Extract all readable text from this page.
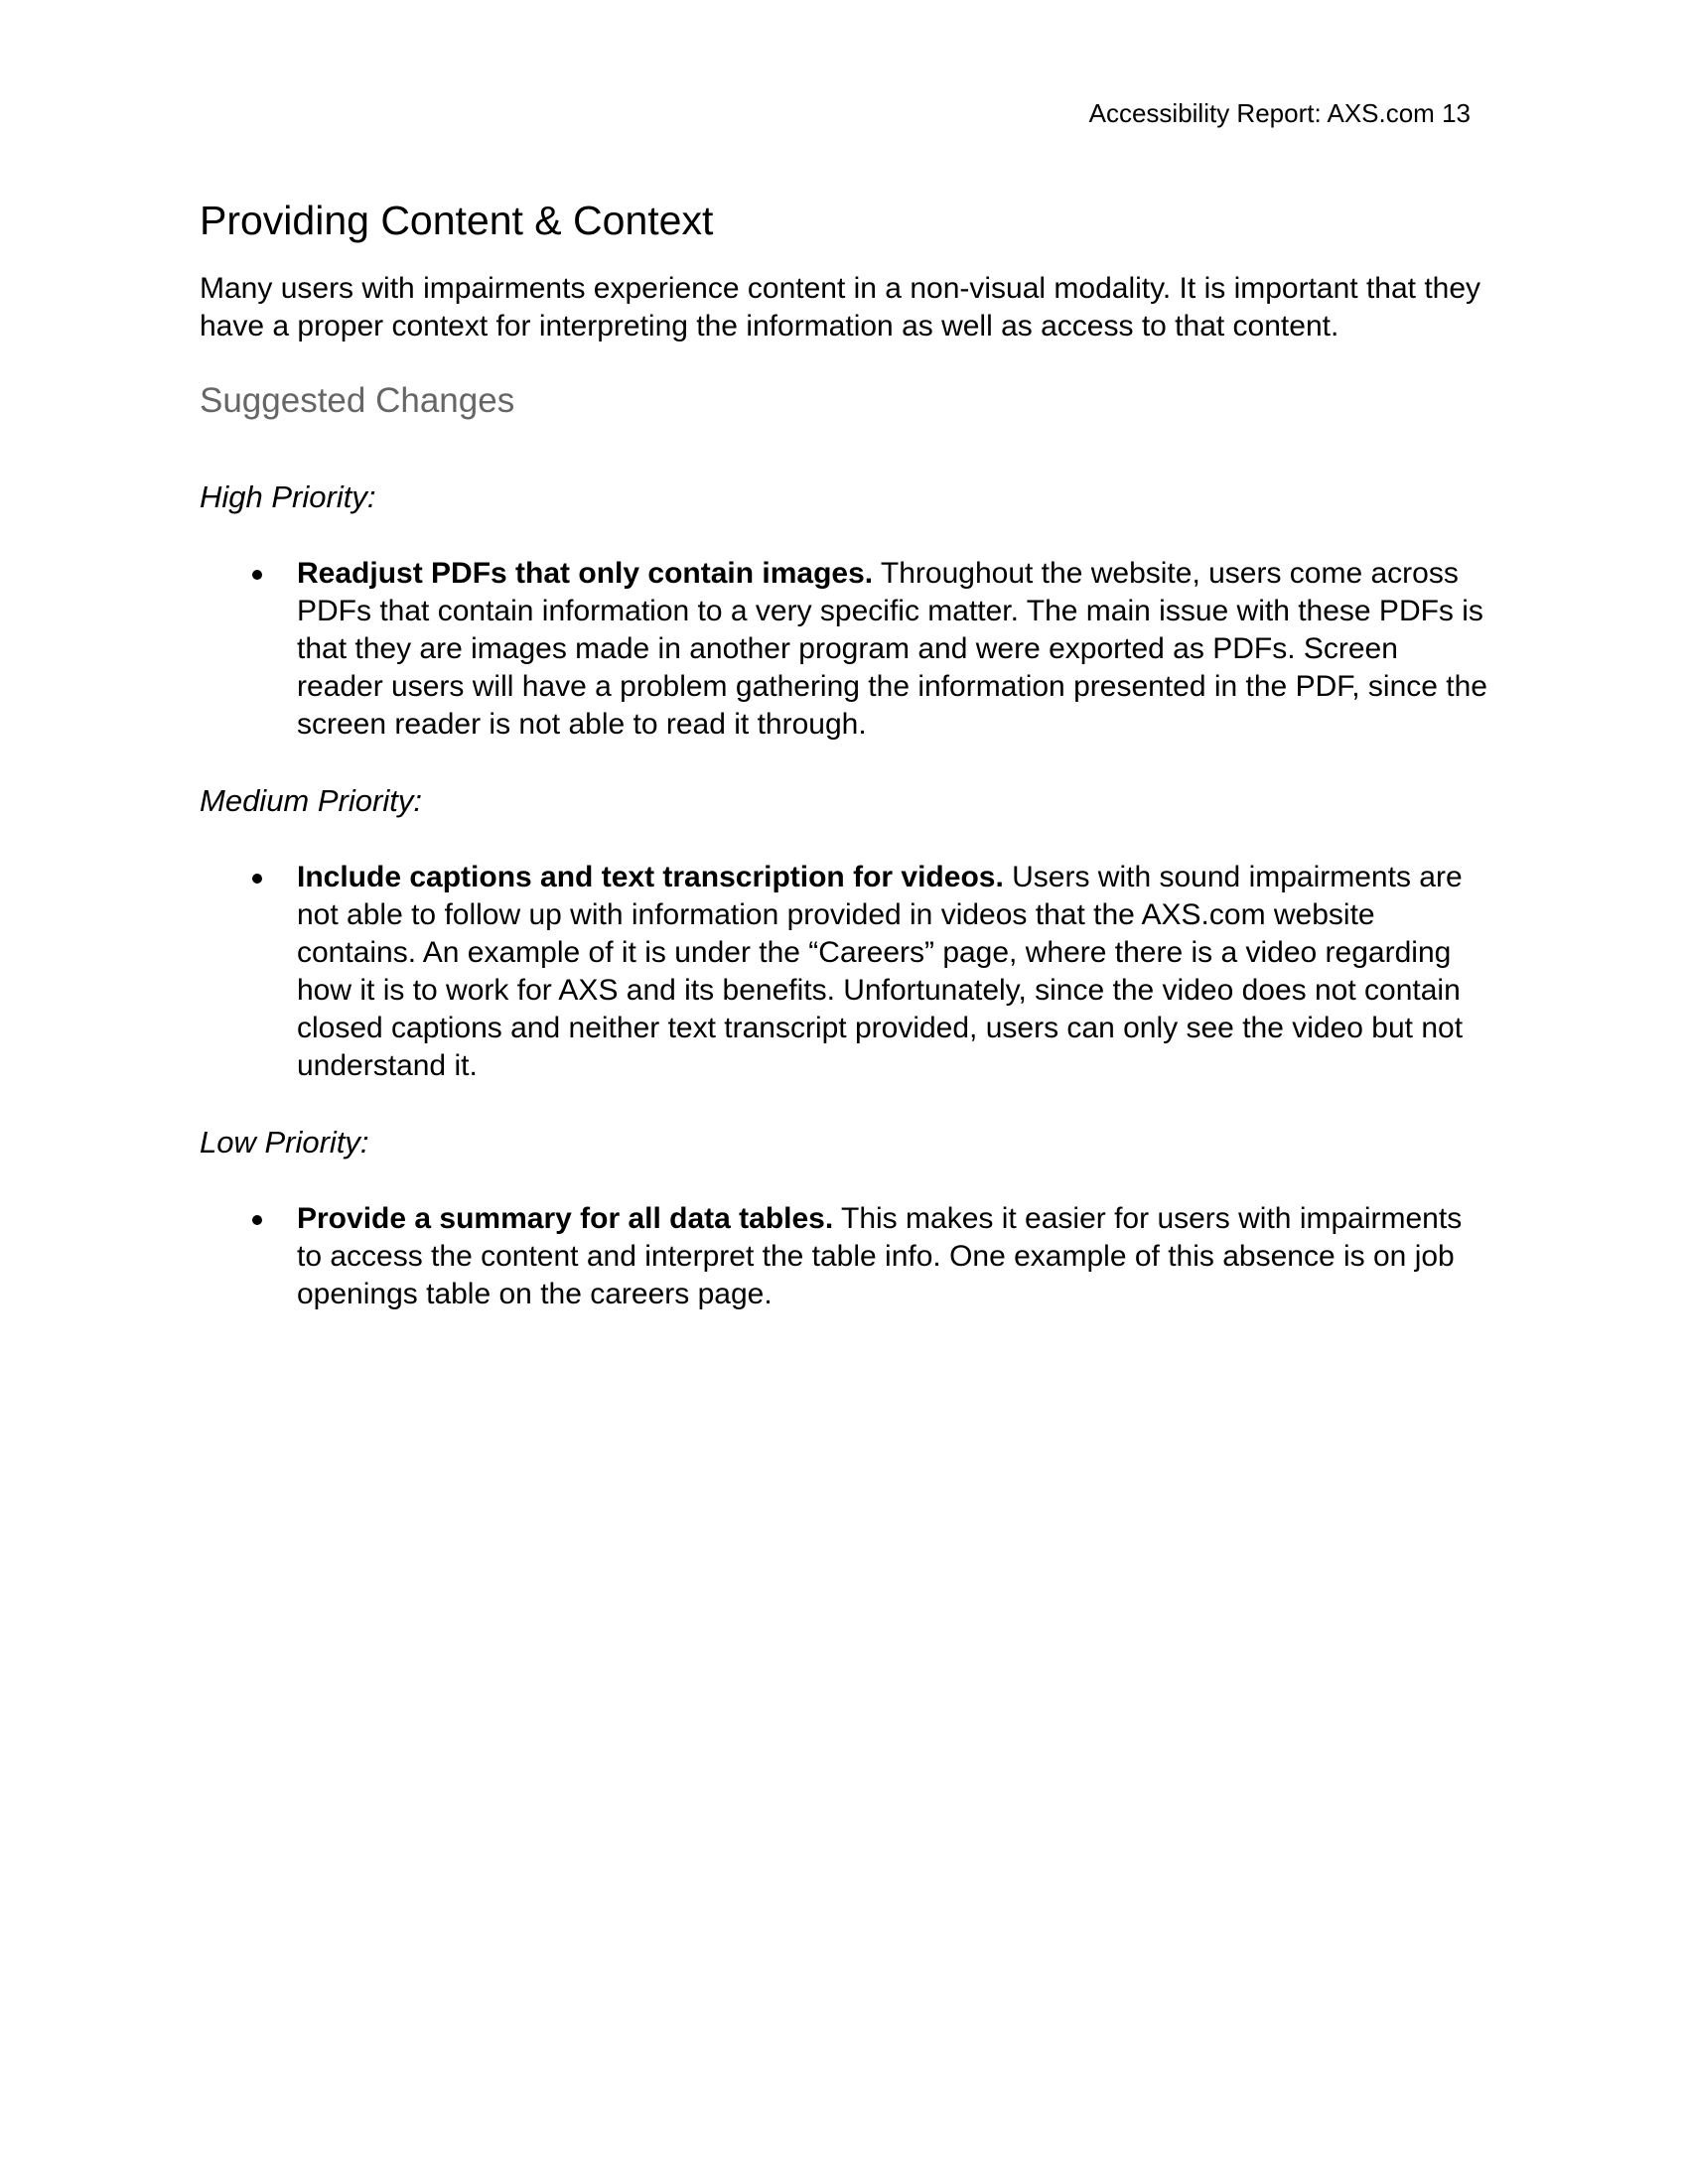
Accessibility Report: AXS.com 13
Providing Content & Context

Many users with impairments experience content in a non-visual modality. It is important that they have a proper context for interpreting the information as well as access to that content.

Suggested Changes

High Priority:

Readjust PDFs that only contain images. Throughout the website, users come across PDFs that contain information to a very specific matter. The main issue with these PDFs is that they are images made in another program and were exported as PDFs. Screen reader users will have a problem gathering the information presented in the PDF, since the screen reader is not able to read it through.

Medium Priority:

Include captions and text transcription for videos. Users with sound impairments are not able to follow up with information provided in videos that the AXS.com website contains. An example of it is under the “Careers” page, where there is a video regarding how it is to work for AXS and its benefits. Unfortunately, since the video does not contain closed captions and neither text transcript provided, users can only see the video but not understand it.

Low Priority:

Provide a summary for all data tables. This makes it easier for users with impairments to access the content and interpret the table info. One example of this absence is on job openings table on the careers page.
